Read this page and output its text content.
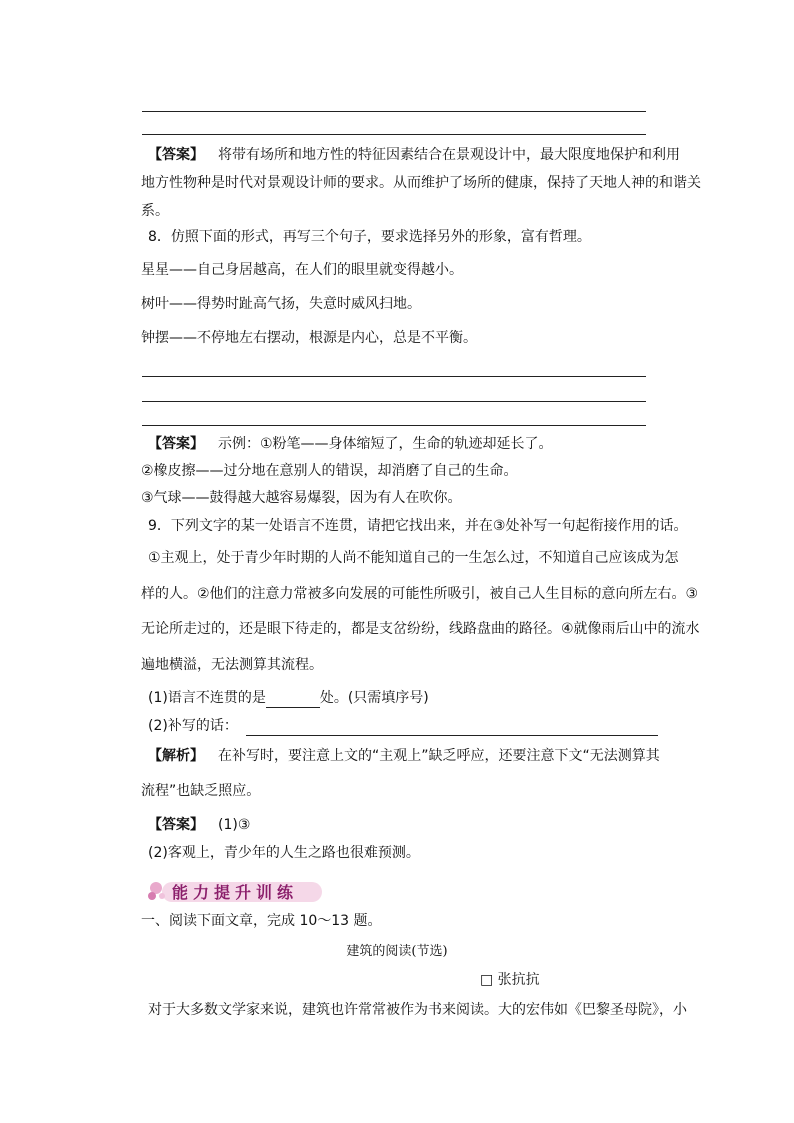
【答案】 将带有场所和地方性的特征因素结合在景观设计中，最大限度地保护和利用
地方性物种是时代对景观设计师的要求。从而维护了场所的健康，保持了天地人神的和谐关
系。
8．仿照下面的形式，再写三个句子，要求选择另外的形象，富有哲理。
星星——自己身居越高，在人们的眼里就变得越小。
树叶——得势时趾高气扬，失意时威风扫地。
钟摆——不停地左右摆动，根源是内心，总是不平衡。
【答案】 示例：①粉笔——身体缩短了，生命的轨迹却延长了。
②橡皮擦——过分地在意别人的错误，却消磨了自己的生命。
③气球——鼓得越大越容易爆裂，因为有人在吹你。
9．下列文字的某一处语言不连贯，请把它找出来，并在③处补写一句起衔接作用的话。
①主观上，处于青少年时期的人尚不能知道自己的一生怎么过，不知道自己应该成为怎
样的人。②他们的注意力常被多向发展的可能性所吸引，被自己人生目标的意向所左右。③
无论所走过的，还是眼下待走的，都是支岔纷纷，线路盘曲的路径。④就像雨后山中的流水
遍地横溢，无法测算其流程。
(1)语言不连贯的是	处。(只需填序号)
(2)补写的话：
【解析】 在补写时，要注意上文的“主观上”缺乏呼应，还要注意下文“无法测算其
流程”也缺乏照应。
【答案】 (1)③
(2)客观上，青少年的人生之路也很难预测。
能力提升训练
一、阅读下面文章，完成 10～13 题。
建筑的阅读(节选)
□ 张抗抗
对于大多数文学家来说，建筑也许常常被作为书来阅读。大的宏伟如《巴黎圣母院》，小
